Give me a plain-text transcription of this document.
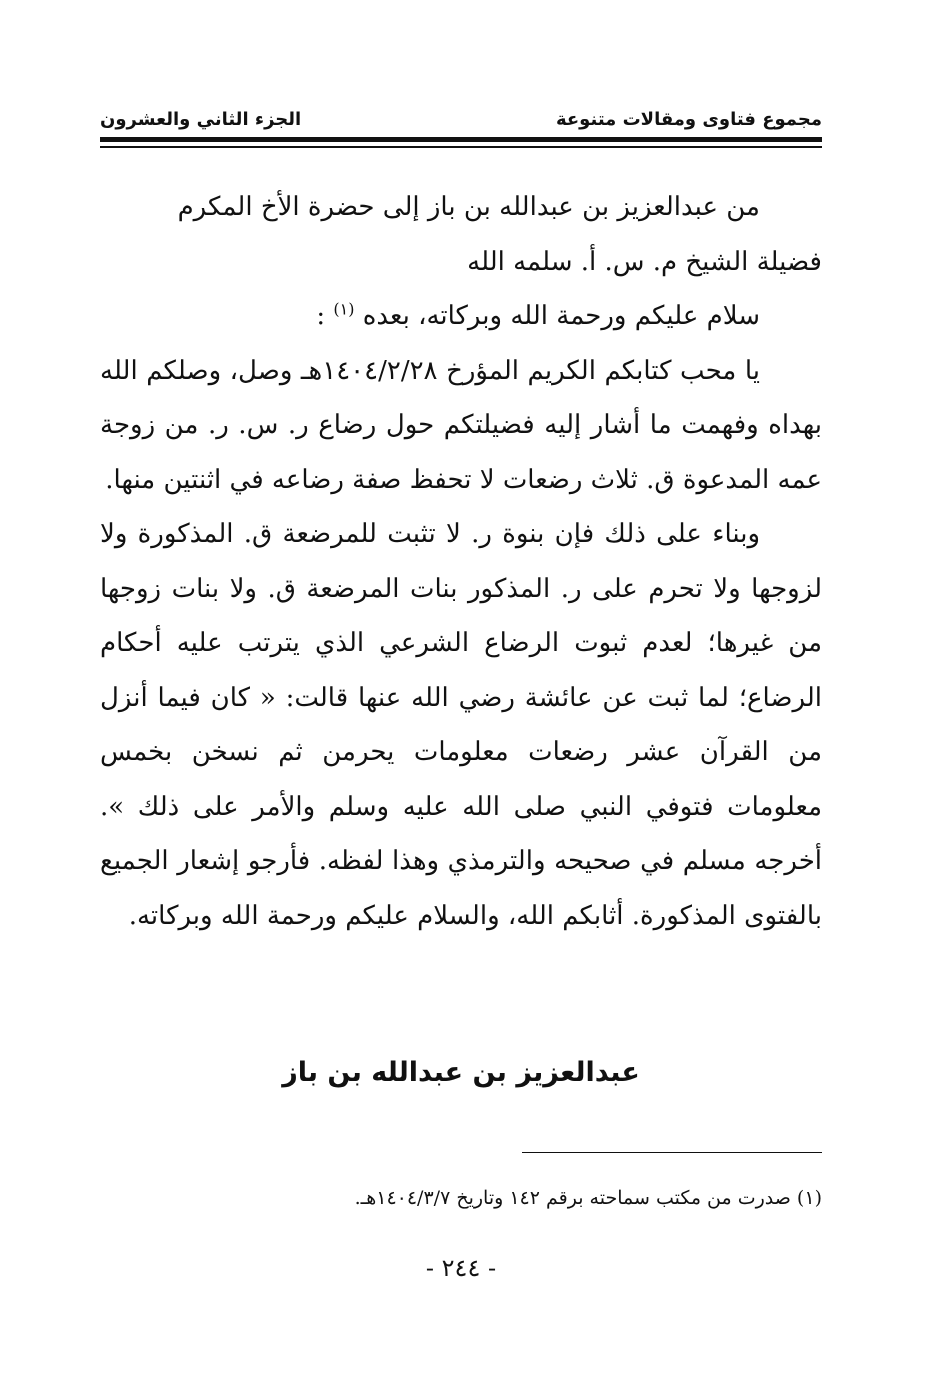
مجموع فتاوى ومقالات متنوعة
الجزء الثاني والعشرون

من عبدالعزيز بن عبدالله بن باز إلى حضرة الأخ المكرم

فضيلة الشيخ م. س. أ. سلمه الله

سلام عليكم ورحمة الله وبركاته، بعده $^{(١)}$ :

يا محب كتابكم الكريم المؤرخ ١٤٠٤/٢/٢٨هـ وصل، وصلكم الله بهداه وفهمت ما أشار إليه فضيلتكم حول رضاع ر. س. ر. من زوجة عمه المدعوة ق. ثلاث رضعات لا تحفظ صفة رضاعه في اثنتين منها.

وبناء على ذلك فإن بنوة ر. لا تثبت للمرضعة ق. المذكورة ولا لزوجها ولا تحرم على ر. المذكور بنات المرضعة ق. ولا بنات زوجها من غيرها؛ لعدم ثبوت الرضاع الشرعي الذي يترتب عليه أحكام الرضاع؛ لما ثبت عن عائشة رضي الله عنها قالت: « كان فيما أنزل من القرآن عشر رضعات معلومات يحرمن ثم نسخن بخمس معلومات فتوفي النبي صلى الله عليه وسلم والأمر على ذلك ». أخرجه مسلم في صحيحه والترمذي وهذا لفظه. فأرجو إشعار الجميع بالفتوى المذكورة. أثابكم الله، والسلام عليكم ورحمة الله وبركاته.

عبدالعزيز بن عبدالله بن باز
(١) صدرت من مكتب سماحته برقم ١٤٢ وتاريخ ١٤٠٤/٣/٧هـ.
- ٢٤٤ -
